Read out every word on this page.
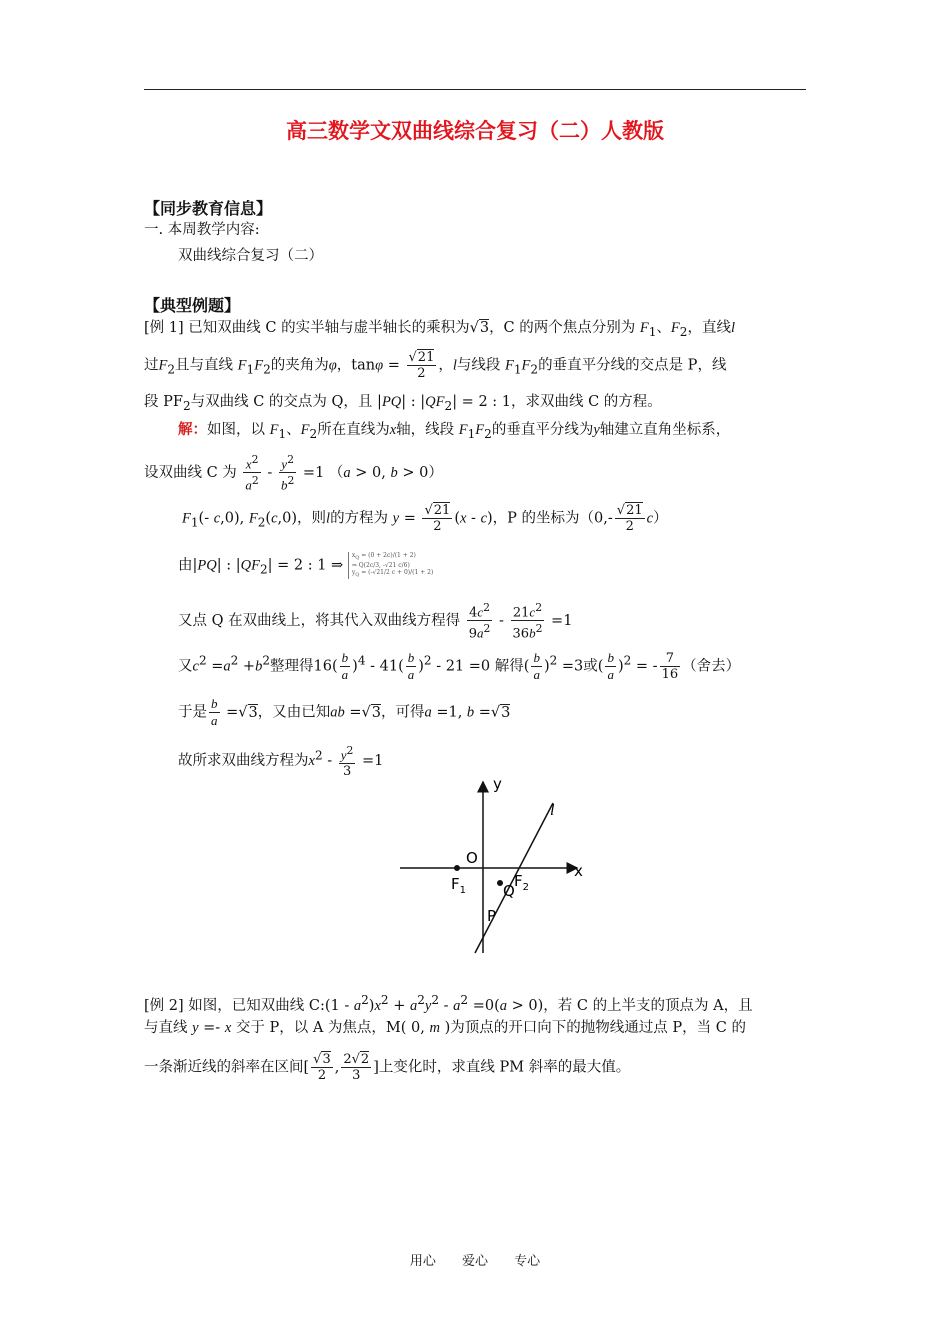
高三数学文双曲线综合复习（二）人教版
【同步教育信息】
一. 本周教学内容:
双曲线综合复习（二）
【典型例题】
[例 1] 已知双曲线 C 的实半轴与虚半轴长的乘积为√3，C 的两个焦点分别为 $F_1$、$F_2$，直线l
过$F_2$且与直线 $F_1F_2$的夹角为φ，$\tan\varphi = \frac{√21}{2}$ ，l与线段 $F_1F_2$的垂直平分线的交点是 P，线
段 $PF_2$与双曲线 C 的交点为 Q，且 |PQ| : $|QF_2| = 2$ : 1，求双曲线 C 的方程。
解：如图，以 $F_1$、$F_2$所在直线为x轴，线段 $F_1F_2$的垂直平分线为y轴建立直角坐标系，
设双曲线 C 为 $\frac{x^2}{a^2} - \frac{y^2}{b^2} =1$ （a > 0, b > 0）
$F_1(-$ c,0), $F_2(c,0)$，则l的方程为 $y = \frac{√21}{2} (x - c)$，P 的坐标为$(0,- \frac{√21}{2} c)$
由|PQ| : $|QF_2| = 2$ : 1 ⇒ $x_Q = (0 + 2c)/(1 + 2)$
⇒ Q(2c/3, -√21 c/6)
$y_Q = (-√21/2$ c + 0)/(1 + 2)
又点 Q 在双曲线上，将其代入双曲线方程得 $\frac{4c^2}{9a^2} - \frac{21c^2}{36b^2} =1$
又$c^2 =a^2 +b^2$整理得$16( \frac{b}{a} )^4 - 41( \frac{b}{a} )^2 - 21 =0$ 解得( $\frac{b}{a} )^2 =3$或( $\frac{b}{a} )^2$ = - $\frac{7}{16}$ （舍去）
于是 $\frac{b}{a} =√3$，又由已知ab =√3，可得a =1, b =√3
故所求双曲线方程为$x^2 - \frac{y^2}{3} =1$
y
x
O
$F_1$
$F_2$
Q
P
l
[例 2] 如图，已知双曲线 C:(1 - $a^2)x^2 + a^2y^2 - a^2 =0(a > 0)$，若 C 的上半支的顶点为 A，且
与直线 y =- x 交于 P，以 A 为焦点，M( 0, m )为顶点的开口向下的抛物线通过点 P，当 C 的
一条渐近线的斜率在区间[ $\frac{√3}{2}$ , $\frac{2√2}{3}$ ]上变化时，求直线 PM 斜率的最大值。
用心 爱心 专心
